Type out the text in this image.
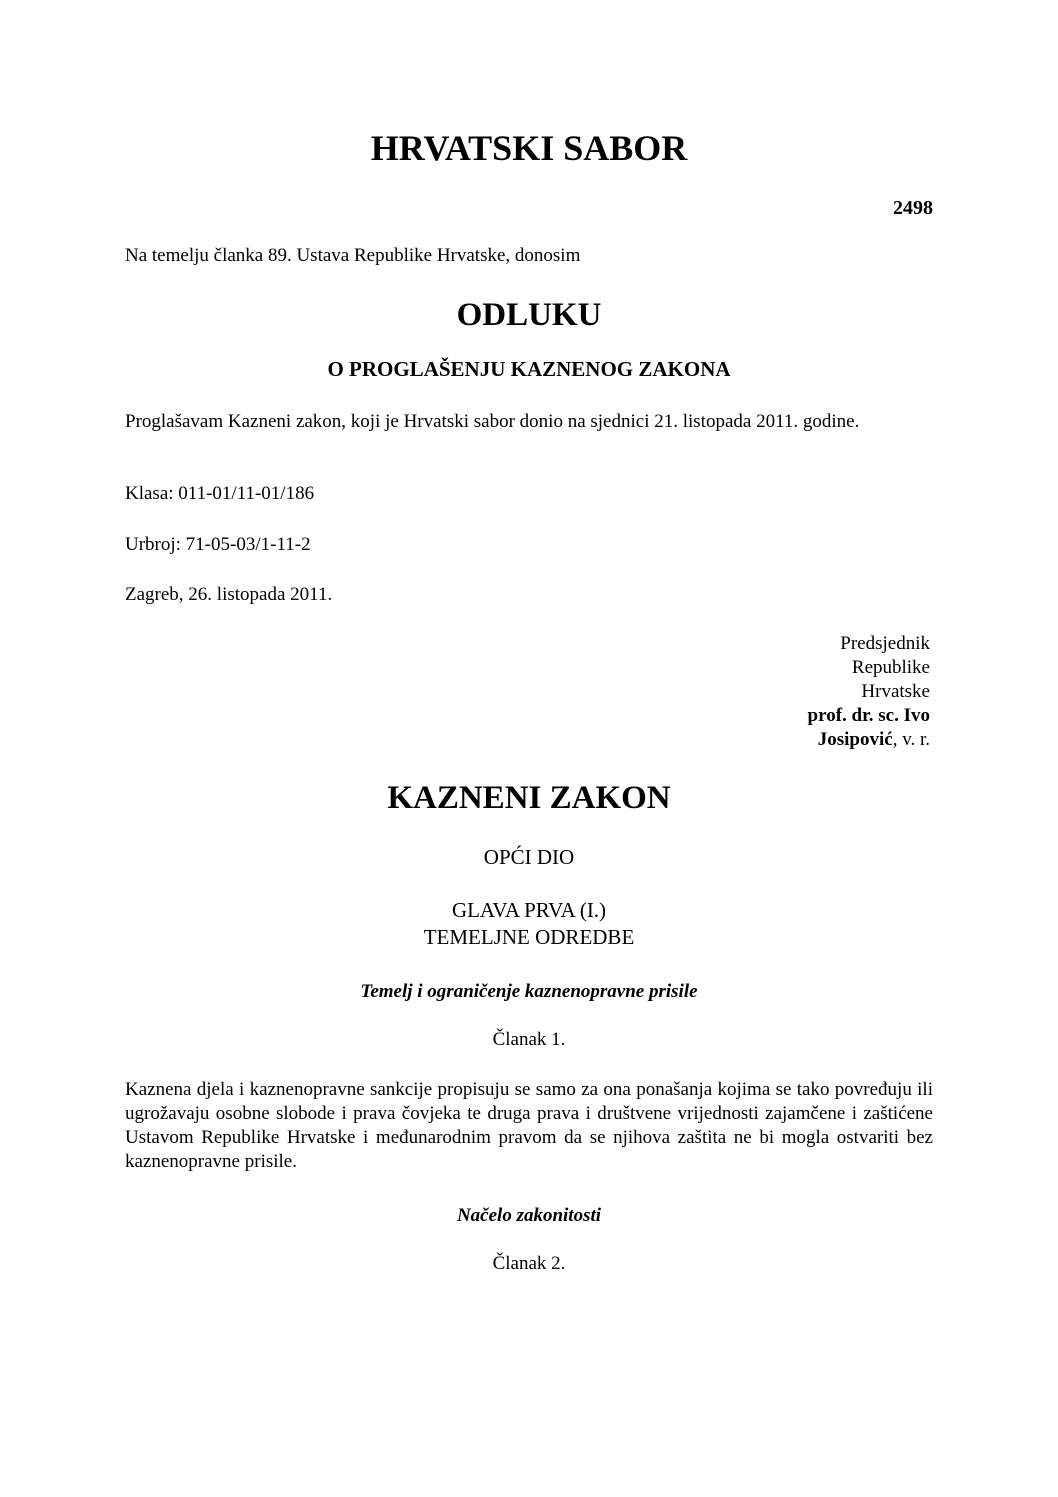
HRVATSKI SABOR
2498

Na temelju članka 89. Ustava Republike Hrvatske, donosim

ODLUKU
O PROGLAŠENJU KAZNENOG ZAKONA

Proglašavam Kazneni zakon, koji je Hrvatski sabor donio na sjednici 21. listopada 2011. godine.

Klasa: 011-01/11-01/186

Urbroj: 71-05-03/1-11-2

Zagreb, 26. listopada 2011.

Predsjednik
Republike
Hrvatske
prof. dr. sc. Ivo
Josipović, v. r.
KAZNENI ZAKON

OPĆI DIO

GLAVA PRVA (I.)

TEMELJNE ODREDBE

Temelj i ograničenje kaznenopravne prisile

Članak 1.

Kaznena djela i kaznenopravne sankcije propisuju se samo za ona ponašanja kojima se tako povređuju ili ugrožavaju osobne slobode i prava čovjeka te druga prava i društvene vrijednosti zajamčene i zaštićene Ustavom Republike Hrvatske i međunarodnim pravom da se njihova zaštita ne bi mogla ostvariti bez kaznenopravne prisile.

Načelo zakonitosti

Članak 2.
